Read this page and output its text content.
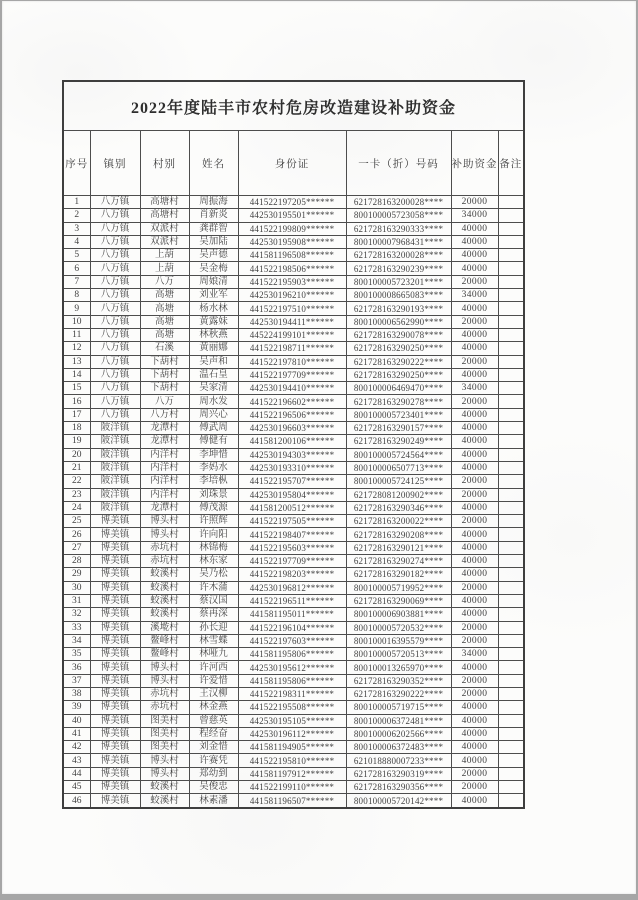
2022年度陆丰市农村危房改造建设补助资金							
序号	镇别	村别	姓名	身份证	一卡（折）号码	补助资金	备注
1	八万镇	高塘村	周振海	441522197205******	621728163200028****	20000	
2	八万镇	高塘村	肖新炎	442530195501******	800100005723058****	34000	
3	八万镇	双派村	龚群智	441522199809******	621728163290333****	40000	
4	八万镇	双派村	吴加陆	442530195908******	800100007968431****	40000	
5	八万镇	上葫	吴声德	441581196508******	621728163200028****	40000	
6	八万镇	上葫	吴金梅	441522198506******	621728163290239****	40000	
7	八万镇	八万	周娘清	441522195903******	800100005723201****	20000	
8	八万镇	高塘	刘业军	442530196210******	800100008665083****	34000	
9	八万镇	高塘	杨水林	441522197510******	621728163290193****	40000	
10	八万镇	高塘	黄露妹	442530194411******	800100006562990****	20000	
11	八万镇	高塘	林秋燕	445224199101******	621728163290078****	40000	
12	八万镇	石溪	黄丽娜	441522198711******	621728163290250****	40000	
13	八万镇	下葫村	吴声和	441522197810******	621728163290222****	20000	
14	八万镇	下葫村	温石皇	441522197709******	621728163290250****	40000	
15	八万镇	下葫村	吴家清	442530194410******	800100006469470****	34000	
16	八万镇	八万	周水发	441522196602******	621728163290278****	20000	
17	八万镇	八万村	周兴心	441522196506******	800100005723401****	40000	
18	陂洋镇	龙潭村	傅武周	442530196603******	621728163290157****	40000	
19	陂洋镇	龙潭村	傅健有	441581200106******	621728163290249****	40000	
20	陂洋镇	内洋村	李坤惜	442530194303******	800100005724564****	40000	
21	陂洋镇	内洋村	李妈水	442530193310******	800100006507713****	40000	
22	陂洋镇	内洋村	李培枞	441522195707******	800100005724125****	20000	
23	陂洋镇	内洋村	刘珠景	442530195804******	621728081200902****	20000	
24	陂洋镇	龙潭村	傅茂源	441581200512******	621728163290346****	40000	
25	博美镇	博头村	许照辉	441522197505******	621728163200022****	20000	
26	博美镇	博头村	许向阳	441522198407******	621728163290208****	40000	
27	博美镇	赤坑村	林锦梅	441522195603******	621728163290121****	40000	
28	博美镇	赤坑村	林东家	441522197709******	621728163290274****	40000	
29	博美镇	蛟溪村	吴乃松	441522198203******	621728163290182****	40000	
30	博美镇	蛟溪村	许木蒲	442530196812******	800100005719952****	20000	
31	博美镇	蛟溪村	蔡汉国	441522196511******	621728163290069****	40000	
32	博美镇	蛟溪村	蔡再深	441581195011******	800100006903881****	40000	
33	博美镇	溪墘村	孙长迎	441522196104******	800100005720532****	20000	
34	博美镇	鳌峰村	林雪蝶	441522197603******	800100016395579****	20000	
35	博美镇	鳌峰村	林哑九	441581195806******	800100005720513****	34000	
36	博美镇	博头村	许河西	442530195612******	800100013265970****	40000	
37	博美镇	博头村	许爱惜	441581195806******	621728163290352****	20000	
38	博美镇	赤坑村	王汉柳	441522198311******	621728163290222****	20000	
39	博美镇	赤坑村	林金燕	441522195508******	800100005719715****	40000	
40	博美镇	图美村	曾慈英	442530195105******	800100006372481****	40000	
41	博美镇	图美村	程经奋	442530196112******	800100006202566****	40000	
42	博美镇	图美村	刘金惜	441581194905******	800100006372483****	40000	
43	博美镇	博头村	许赛凭	441522195810******	621018880007233****	40000	
44	博美镇	博头村	郑幼到	441581197912******	621728163290319****	20000	
45	博美镇	蛟溪村	吴俊忠	441522199110******	621728163290356****	20000	
46	博美镇	蛟溪村	林素潘	441581196507******	800100005720142****	40000	
